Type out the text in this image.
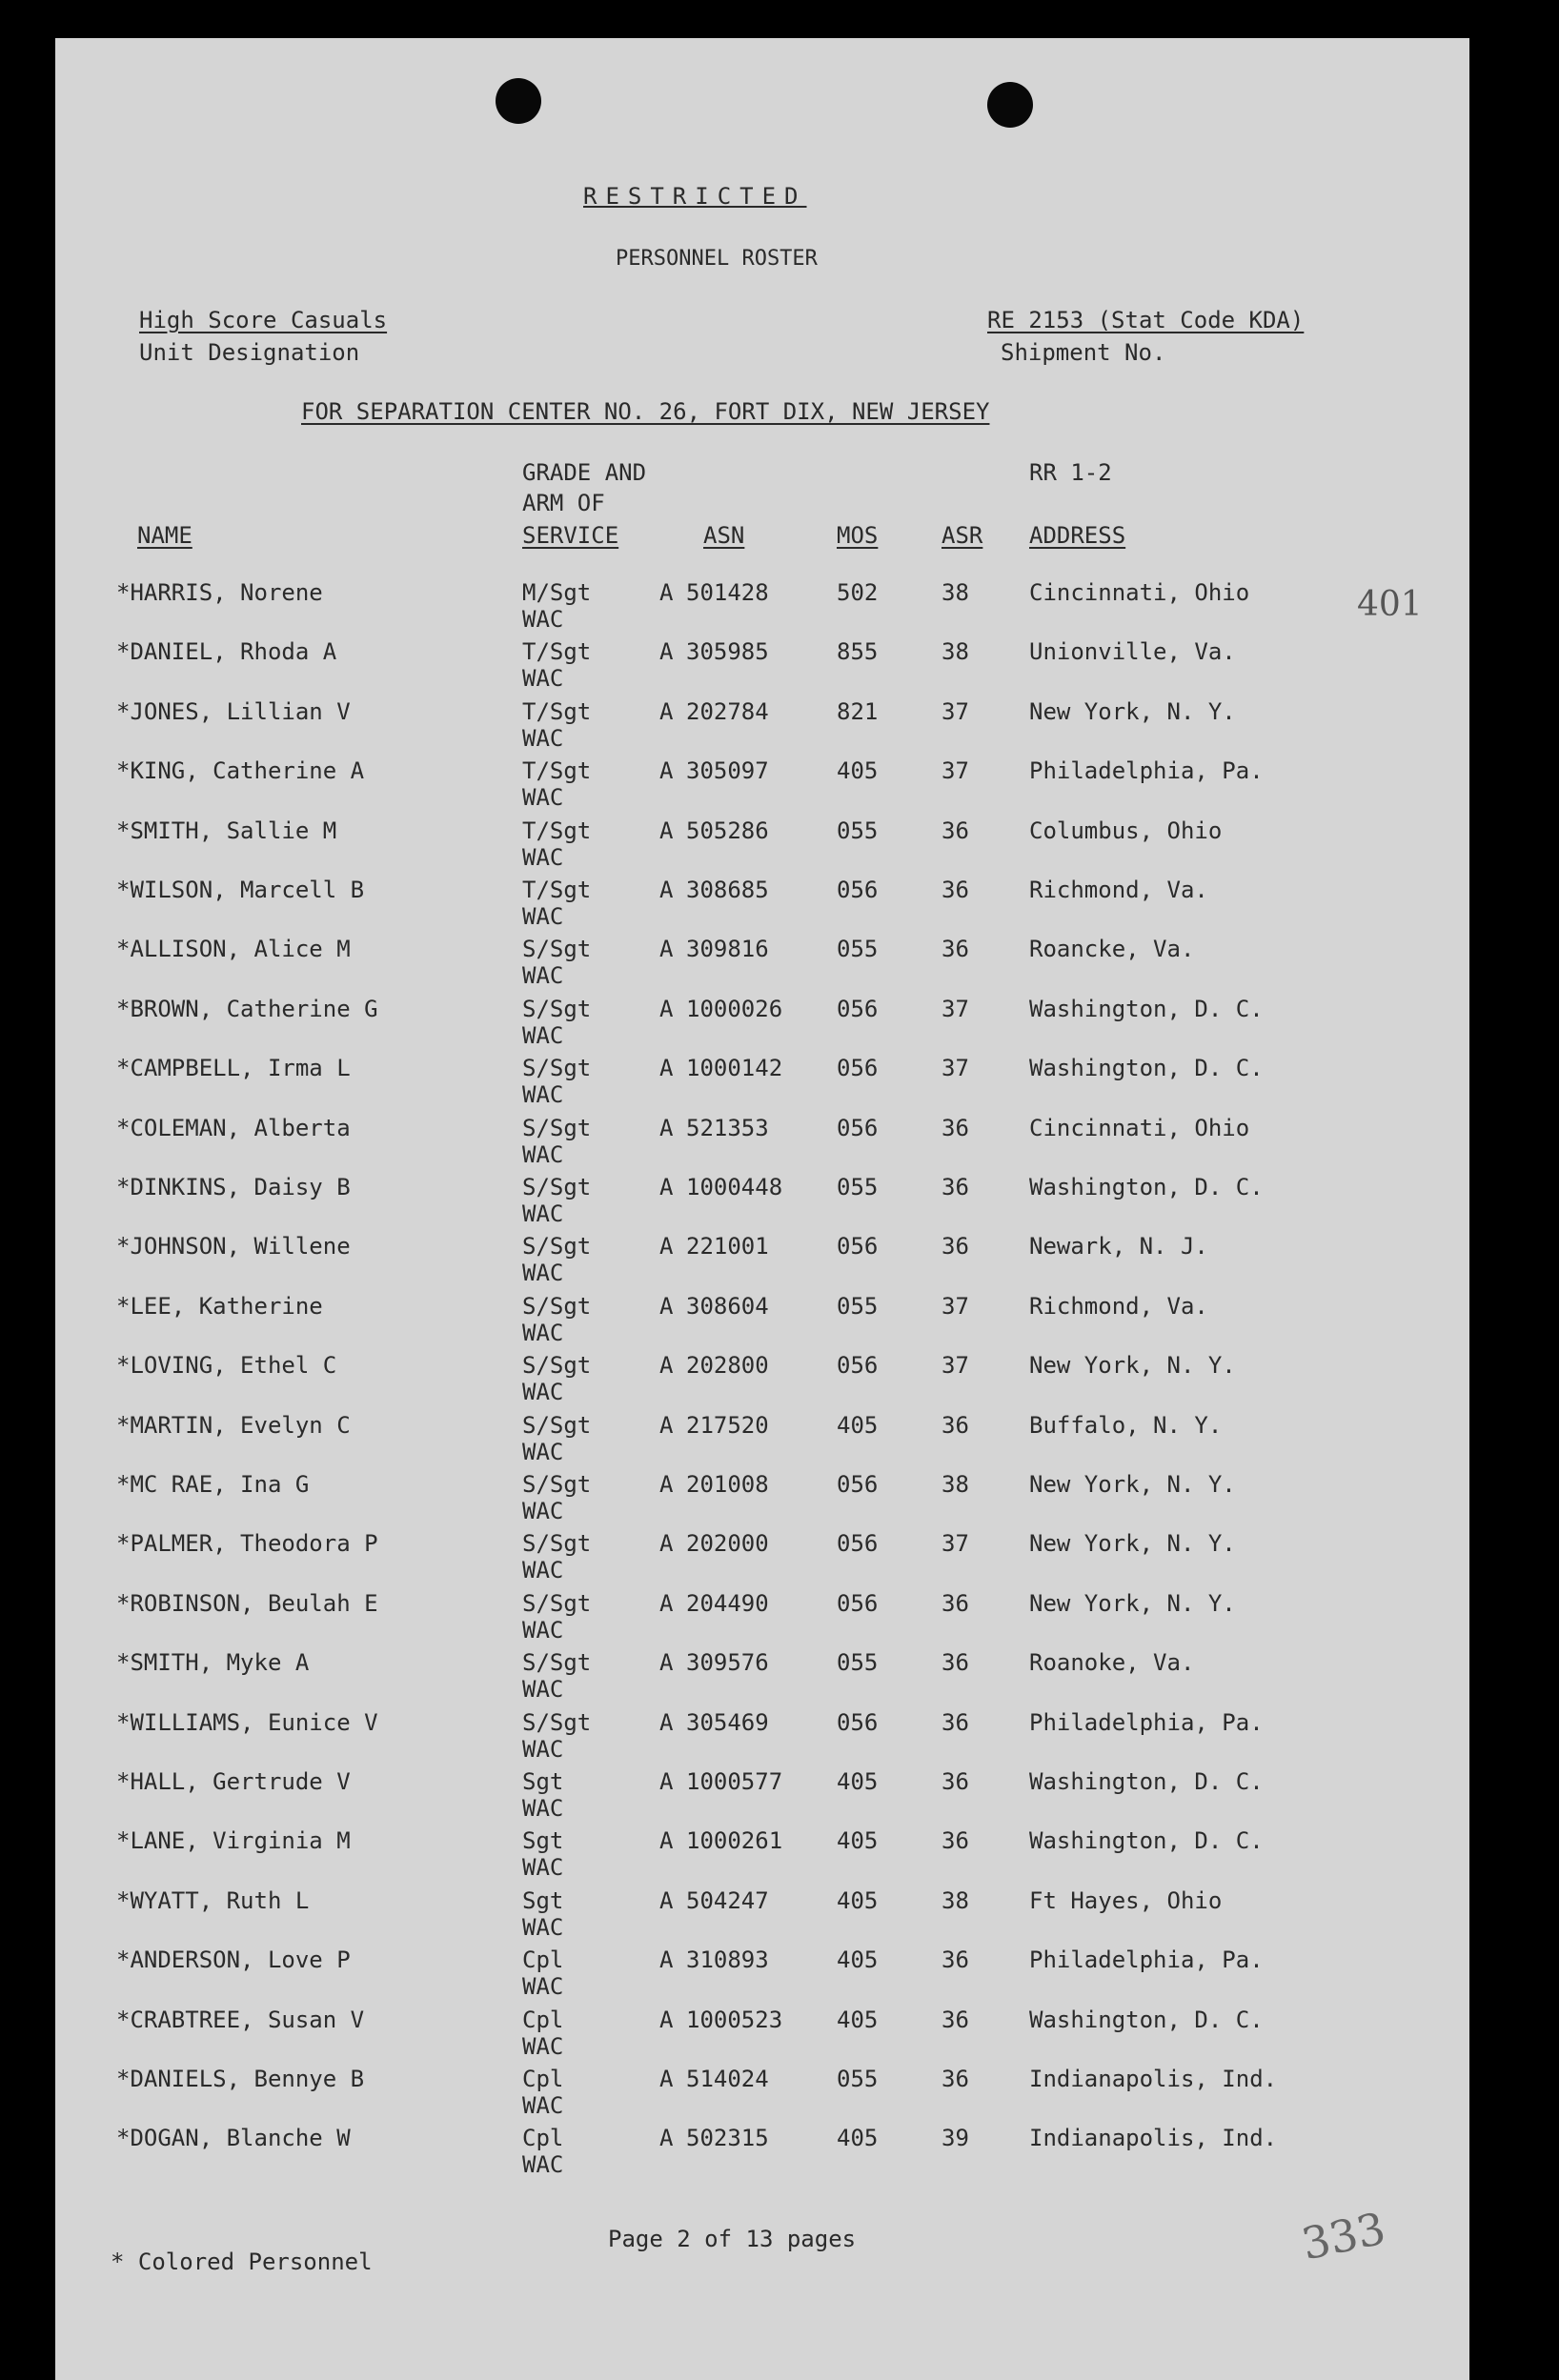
RESTRICTED
PERSONNEL ROSTER
High Score Casuals
Unit Designation
RE 2153 (Stat Code KDA)
Shipment No.
FOR SEPARATION CENTER NO. 26, FORT DIX, NEW JERSEY
401
GRADE AND
ARM OF
RR 1-2
NAME	SERVICE	ASN	MOS	ASR ADDRESS
*HARRIS, Norene	M/Sgt
WAC
A 501428	502	38	Cincinnati, Ohio
*DANIEL, Rhoda A	T/Sgt
WAC
A 305985	855	38	Unionville, Va.
*JONES, Lillian V	T/Sgt
WAC
A 202784	821	37	New York, N. Y.
*KING, Catherine A	T/Sgt
WAC
A 305097	405	37	Philadelphia, Pa.
*SMITH, Sallie M	T/Sgt
WAC
A 505286	055	36	Columbus, Ohio
*WILSON, Marcell B	T/Sgt
WAC
A 308685	056	36	Richmond, Va.
*ALLISON, Alice M	S/Sgt
WAC
A 309816	055	36	Roancke, Va.
*BROWN, Catherine G	S/Sgt
WAC
A 1000026 056	37	Washington, D. C.
*CAMPBELL, Irma L	S/Sgt
WAC
A 1000142 056	37	Washington, D. C.
*COLEMAN, Alberta	S/Sgt
WAC
A 521353	056	36	Cincinnati, Ohio
*DINKINS, Daisy B	S/Sgt
WAC
A 1000448 055	36	Washington, D. C.
*JOHNSON, Willene	S/Sgt
WAC
A 221001	056	36	Newark, N. J.
*LEE, Katherine	S/Sgt
WAC
A 308604	055	37	Richmond, Va.
*LOVING, Ethel C	S/Sgt
WAC
A 202800	056	37	New York, N. Y.
*MARTIN, Evelyn C	S/Sgt
WAC
A 217520	405	36	Buffalo, N. Y.
*MC RAE, Ina G	S/Sgt
WAC
A 201008	056	38	New York, N. Y.
*PALMER, Theodora P	S/Sgt
WAC
A 202000	056	37	New York, N. Y.
*ROBINSON, Beulah E	S/Sgt
WAC
A 204490	056	36	New York, N. Y.
*SMITH, Myke A	S/Sgt
WAC
A 309576	055	36	Roanoke, Va.
*WILLIAMS, Eunice V	S/Sgt
WAC
A 305469	056	36	Philadelphia, Pa.
*HALL, Gertrude V	Sgt
WAC
A 1000577 405	36	Washington, D. C.
*LANE, Virginia M	Sgt
WAC
A 1000261 405	36	Washington, D. C.
*WYATT, Ruth L	Sgt
WAC
A 504247	405	38	Ft Hayes, Ohio
*ANDERSON, Love P	Cpl
WAC
A 310893	405	36	Philadelphia, Pa.
*CRABTREE, Susan V	Cpl
WAC
A 1000523 405	36	Washington, D. C.
*DANIELS, Bennye B	Cpl
WAC
A 514024	055	36	Indianapolis, Ind.
*DOGAN, Blanche W	Cpl
WAC
A 502315	405	39	Indianapolis, Ind.
Page 2 of 13 pages
* Colored Personnel	333
